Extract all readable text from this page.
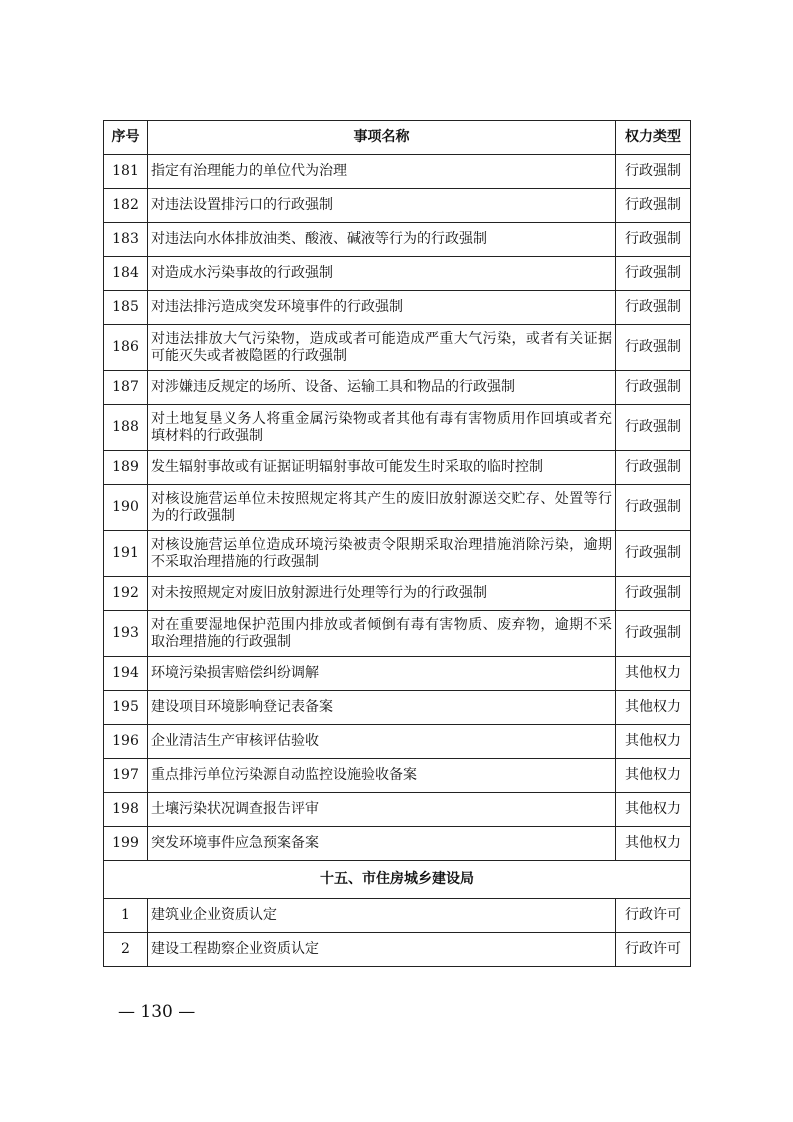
序号	事项名称	权力类型
181	指定有治理能力的单位代为治理	行政强制
182	对违法设置排污口的行政强制	行政强制
183	对违法向水体排放油类、酸液、碱液等行为的行政强制	行政强制
184	对造成水污染事故的行政强制	行政强制
185	对违法排污造成突发环境事件的行政强制	行政强制
186	对违法排放大气污染物，造成或者可能造成严重大气污染，或者有关证据可能灭失或者被隐匿的行政强制	行政强制
187	对涉嫌违反规定的场所、设备、运输工具和物品的行政强制	行政强制
188	对土地复垦义务人将重金属污染物或者其他有毒有害物质用作回填或者充填材料的行政强制	行政强制
189	发生辐射事故或有证据证明辐射事故可能发生时采取的临时控制	行政强制
190	对核设施营运单位未按照规定将其产生的废旧放射源送交贮存、处置等行为的行政强制	行政强制
191	对核设施营运单位造成环境污染被责令限期采取治理措施消除污染，逾期不采取治理措施的行政强制	行政强制
192	对未按照规定对废旧放射源进行处理等行为的行政强制	行政强制
193	对在重要湿地保护范围内排放或者倾倒有毒有害物质、废弃物，逾期不采取治理措施的行政强制	行政强制
194	环境污染损害赔偿纠纷调解	其他权力
195	建设项目环境影响登记表备案	其他权力
196	企业清洁生产审核评估验收	其他权力
197	重点排污单位污染源自动监控设施验收备案	其他权力
198	土壤污染状况调查报告评审	其他权力
199	突发环境事件应急预案备案	其他权力
十五、市住房城乡建设局		
1	建筑业企业资质认定	行政许可
2	建设工程勘察企业资质认定	行政许可
— 130 —
